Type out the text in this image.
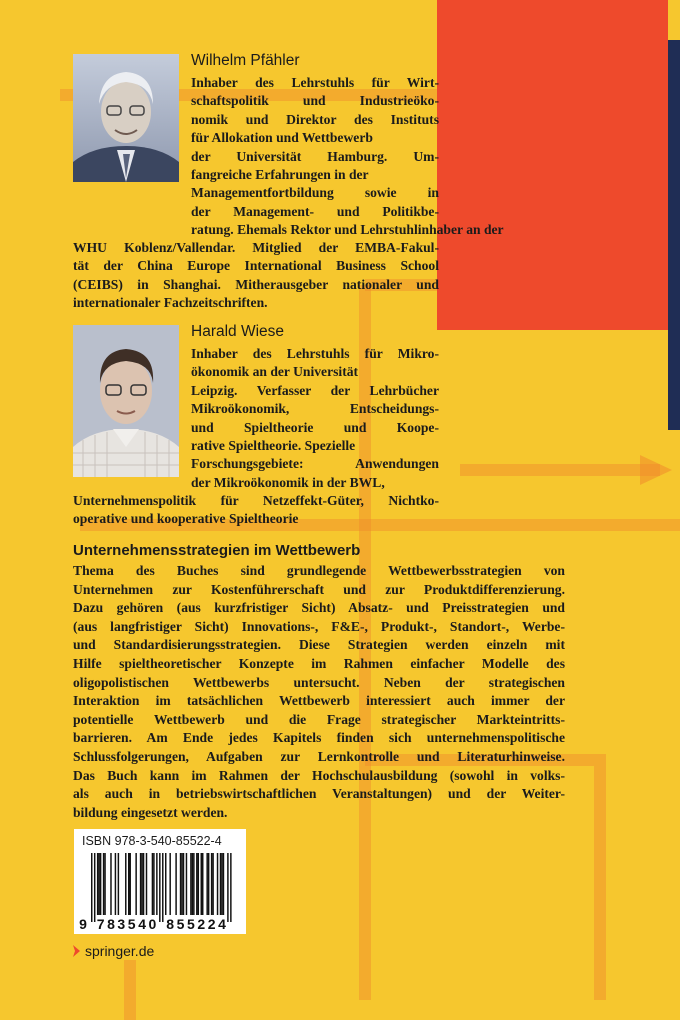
Wilhelm Pfähler
Inhaber des Lehrstuhls für Wirt-
schaftspolitik und Industrieöko-
nomik und Direktor des Instituts
für Allokation und Wettbewerb
der Universität Hamburg. Um-
fangreiche Erfahrungen in der
Managementfortbildung sowie in
der Management- und Politikbe-
ratung. Ehemals Rektor und Lehrstuhlinhaber an der
WHU Koblenz/Vallendar. Mitglied der EMBA-Fakul-
tät der China Europe International Business School
(CEIBS) in Shanghai. Mitherausgeber nationaler und
internationaler Fachzeitschriften.
Harald Wiese
Inhaber des Lehrstuhls für Mikro-
ökonomik an der Universität
Leipzig. Verfasser der Lehrbücher
Mikroökonomik, Entscheidungs-
und Spieltheorie und Koope-
rative Spieltheorie. Spezielle
Forschungsgebiete: Anwendungen
der Mikroökonomik in der BWL,
Unternehmenspolitik für Netzeffekt-Güter, Nichtko-
operative und kooperative Spieltheorie
Unternehmensstrategien im Wettbewerb
Thema des Buches sind grundlegende Wettbewerbsstrategien von
Unternehmen zur Kostenführerschaft und zur Produktdifferenzierung.
Dazu gehören (aus kurzfristiger Sicht) Absatz- und Preisstrategien und
(aus langfristiger Sicht) Innovations-, F&E-, Produkt-, Standort-, Werbe-
und Standardisierungsstrategien. Diese Strategien werden einzeln mit
Hilfe spieltheoretischer Konzepte im Rahmen einfacher Modelle des
oligopolistischen Wettbewerbs untersucht. Neben der strategischen
Interaktion im tatsächlichen Wettbewerb interessiert auch immer der
potentielle Wettbewerb und die Frage strategischer Markteintritts-
barrieren. Am Ende jedes Kapitels finden sich unternehmenspolitische
Schlussfolgerungen, Aufgaben zur Lernkontrolle und Literaturhinweise.
Das Buch kann im Rahmen der Hochschulausbildung (sowohl in volks-
als auch in betriebswirtschaftlichen Veranstaltungen) und der Weiter-
bildung eingesetzt werden.
ISBN 978-3-540-85522-4
9 7 8 3 5 4 0 8 5 5 2 2 4
springer.de
